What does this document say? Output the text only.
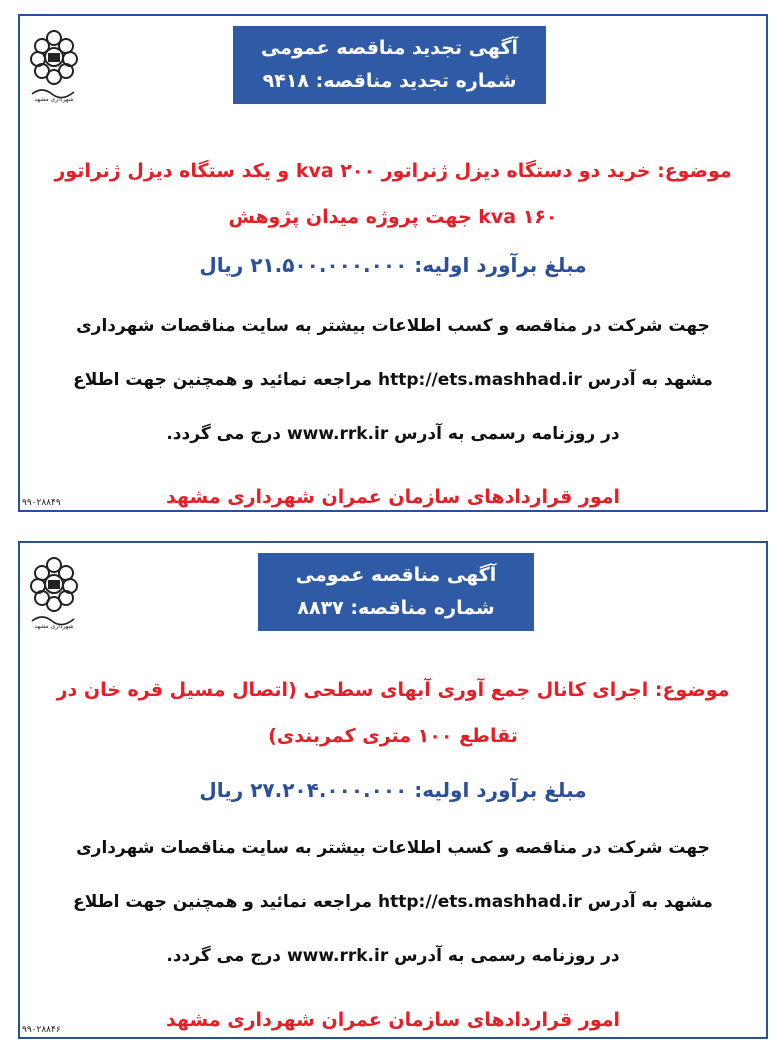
آگهی تجدید مناقصه عمومی
شماره تجدید مناقصه: ۹۴۱۸
شهرداری مشهد
موضوع: خرید دو دستگاه دیزل ژنراتور kva ۲۰۰ و یکد ستگاه دیزل ژنراتور
kva ۱۶۰ جهت پروژه میدان پژوهش
مبلغ برآورد اولیه: ۲۱.۵۰۰.۰۰۰.۰۰۰ ریال
جهت شرکت در مناقصه و کسب اطلاعات بیشتر به سایت مناقصات شهرداری
مشهد به آدرس http://ets.mashhad.ir مراجعه نمائید و همچنین جهت اطلاع
در روزنامه رسمی به آدرس www.rrk.ir درج می گردد.
امور قراردادهای سازمان عمران شهرداری مشهد
۹۹۰۲۸۸۴۹
آگهی مناقصه عمومی
شماره مناقصه: ۸۸۳۷
شهرداری مشهد
موضوع: اجرای کانال جمع آوری آبهای سطحی (اتصال مسیل قره خان در
تقاطع ۱۰۰ متری کمربندی)
مبلغ برآورد اولیه: ۲۷.۲۰۴.۰۰۰.۰۰۰ ریال
جهت شرکت در مناقصه و کسب اطلاعات بیشتر به سایت مناقصات شهرداری
مشهد به آدرس http://ets.mashhad.ir مراجعه نمائید و همچنین جهت اطلاع
در روزنامه رسمی به آدرس www.rrk.ir درج می گردد.
امور قراردادهای سازمان عمران شهرداری مشهد
۹۹۰۲۸۸۴۶
